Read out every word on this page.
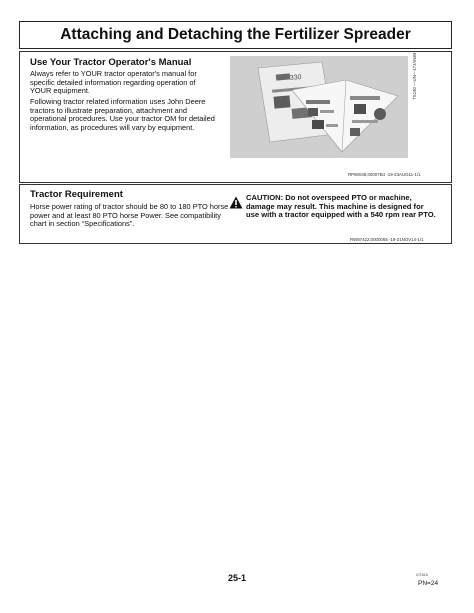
Attaching and Detaching the Fertilizer Spreader
Use Your Tractor Operator's Manual
Always refer to YOUR tractor operator's manual for specific detailed information regarding operation of YOUR equipment.
Following tractor related information uses John Deere tractors to illustrate preparation, attachment and operational procedures. Use your tractor OM for detailed information, as procedures will vary by equipment.
330	TS190 —UN—17JAN89
RP80048,00007B4 -19-23AUG11-1/1
Tractor Requirement
Horse power rating of tractor should be 80 to 180 PTO horse power and at least 80 PTO horse Power. See compatibility chart in section “Specifications”.
CAUTION: Do not overspeed PTO or machine, damage may result. This machine is designed for use with a tractor equipped with a 540 rpm rear PTO.
RW87422,0000065 -19-21NOV14-1/1
25-1	071515
PN=24
